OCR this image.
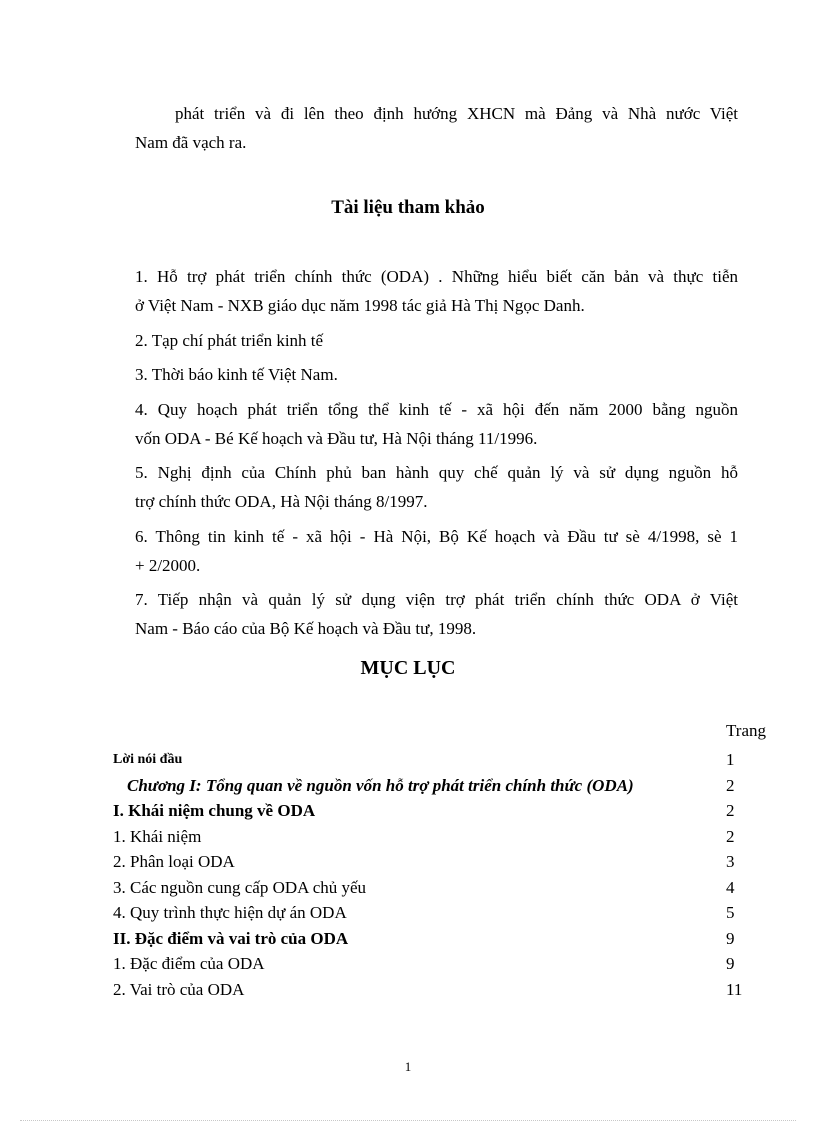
phát triển và đi lên theo định hướng XHCN mà Đảng và Nhà nước Việt
Nam đã vạch ra.
Tài liệu tham khảo
1. Hỗ trợ phát triển chính thức (ODA) . Những hiểu biết căn bản và thực tiễn
ở Việt Nam - NXB giáo dục năm 1998 tác giả Hà Thị Ngọc Danh.
2. Tạp chí phát triển kinh tế
3. Thời báo kinh tế Việt Nam.
4. Quy hoạch phát triển tổng thể kinh tế - xã hội đến năm 2000 bằng nguồn
vốn ODA - Bé Kế hoạch và Đầu tư, Hà Nội tháng 11/1996.
5. Nghị định của Chính phủ ban hành quy chế quản lý và sử dụng nguồn hỗ
trợ chính thức ODA, Hà Nội tháng 8/1997.
6. Thông tin kinh tế - xã hội - Hà Nội, Bộ Kế hoạch và Đầu tư sè 4/1998, sè 1
+ 2/2000.
7. Tiếp nhận và quản lý sử dụng viện trợ phát triển chính thức ODA ở Việt
Nam - Báo cáo của Bộ Kế hoạch và Đầu tư, 1998.
MỤC LỤC
Trang
Lời nói đầu	1
Chương I: Tổng quan về nguồn vốn hỗ trợ phát triển chính thức (ODA)	2
I. Khái niệm chung về ODA	2
1. Khái niệm	2
2. Phân loại ODA	3
3. Các nguồn cung cấp ODA chủ yếu	4
4. Quy trình thực hiện dự án ODA	5
II. Đặc điểm và vai trò của ODA	9
1. Đặc điểm của ODA	9
2. Vai trò của ODA	11
1
